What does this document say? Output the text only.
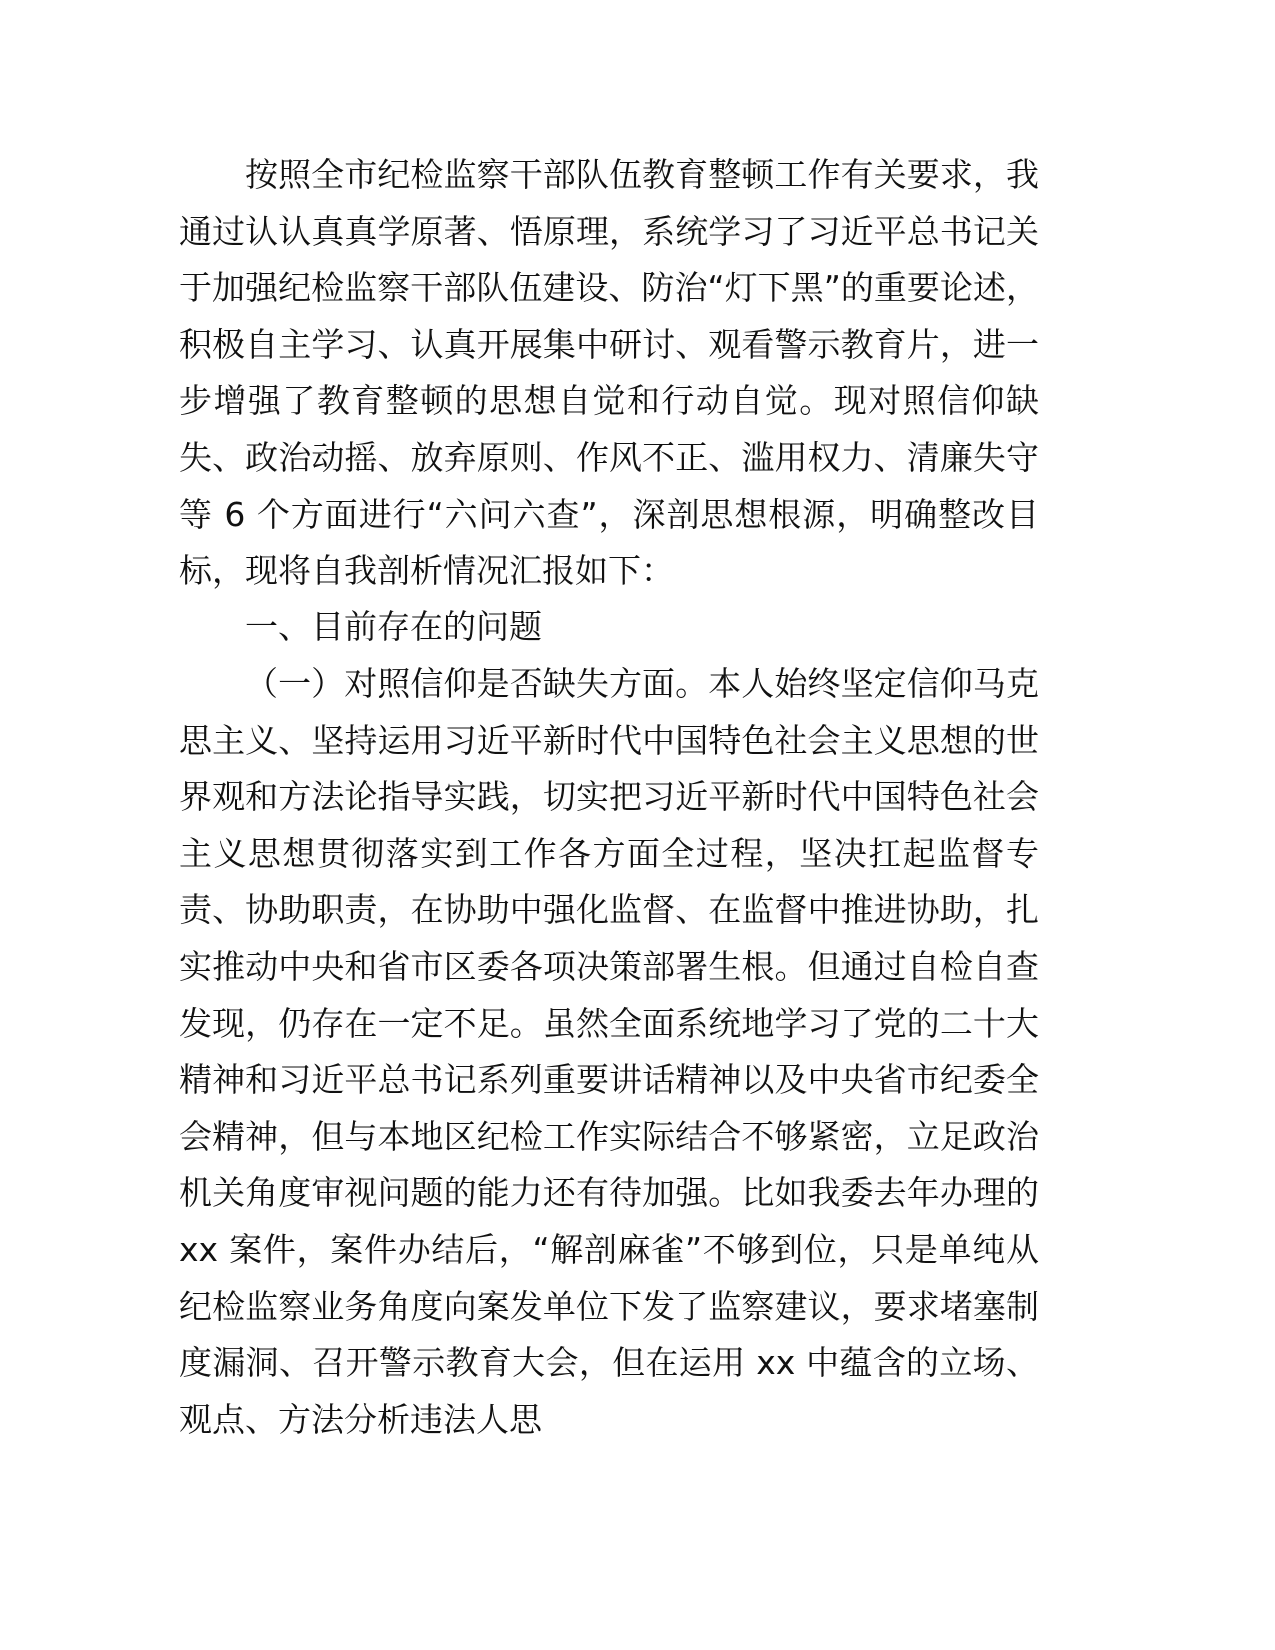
按照全市纪检监察干部队伍教育整顿工作有关要求，我通过认认真真学原著、悟原理，系统学习了习近平总书记关于加强纪检监察干部队伍建设、防治“灯下黑”的重要论述，积极自主学习、认真开展集中研讨、观看警示教育片，进一步增强了教育整顿的思想自觉和行动自觉。现对照信仰缺失、政治动摇、放弃原则、作风不正、滥用权力、清廉失守等 6 个方面进行“六问六查”，深剖思想根源，明确整改目标，现将自我剖析情况汇报如下：

一、目前存在的问题

（一）对照信仰是否缺失方面。本人始终坚定信仰马克思主义、坚持运用习近平新时代中国特色社会主义思想的世界观和方法论指导实践，切实把习近平新时代中国特色社会主义思想贯彻落实到工作各方面全过程，坚决扛起监督专责、协助职责，在协助中强化监督、在监督中推进协助，扎实推动中央和省市区委各项决策部署生根。但通过自检自查发现，仍存在一定不足。虽然全面系统地学习了党的二十大精神和习近平总书记系列重要讲话精神以及中央省市纪委全会精神，但与本地区纪检工作实际结合不够紧密，立足政治机关角度审视问题的能力还有待加强。比如我委去年办理的 xx 案件，案件办结后，“解剖麻雀”不够到位，只是单纯从纪检监察业务角度向案发单位下发了监察建议，要求堵塞制度漏洞、召开警示教育大会，但在运用 xx 中蕴含的立场、观点、方法分析违法人思
